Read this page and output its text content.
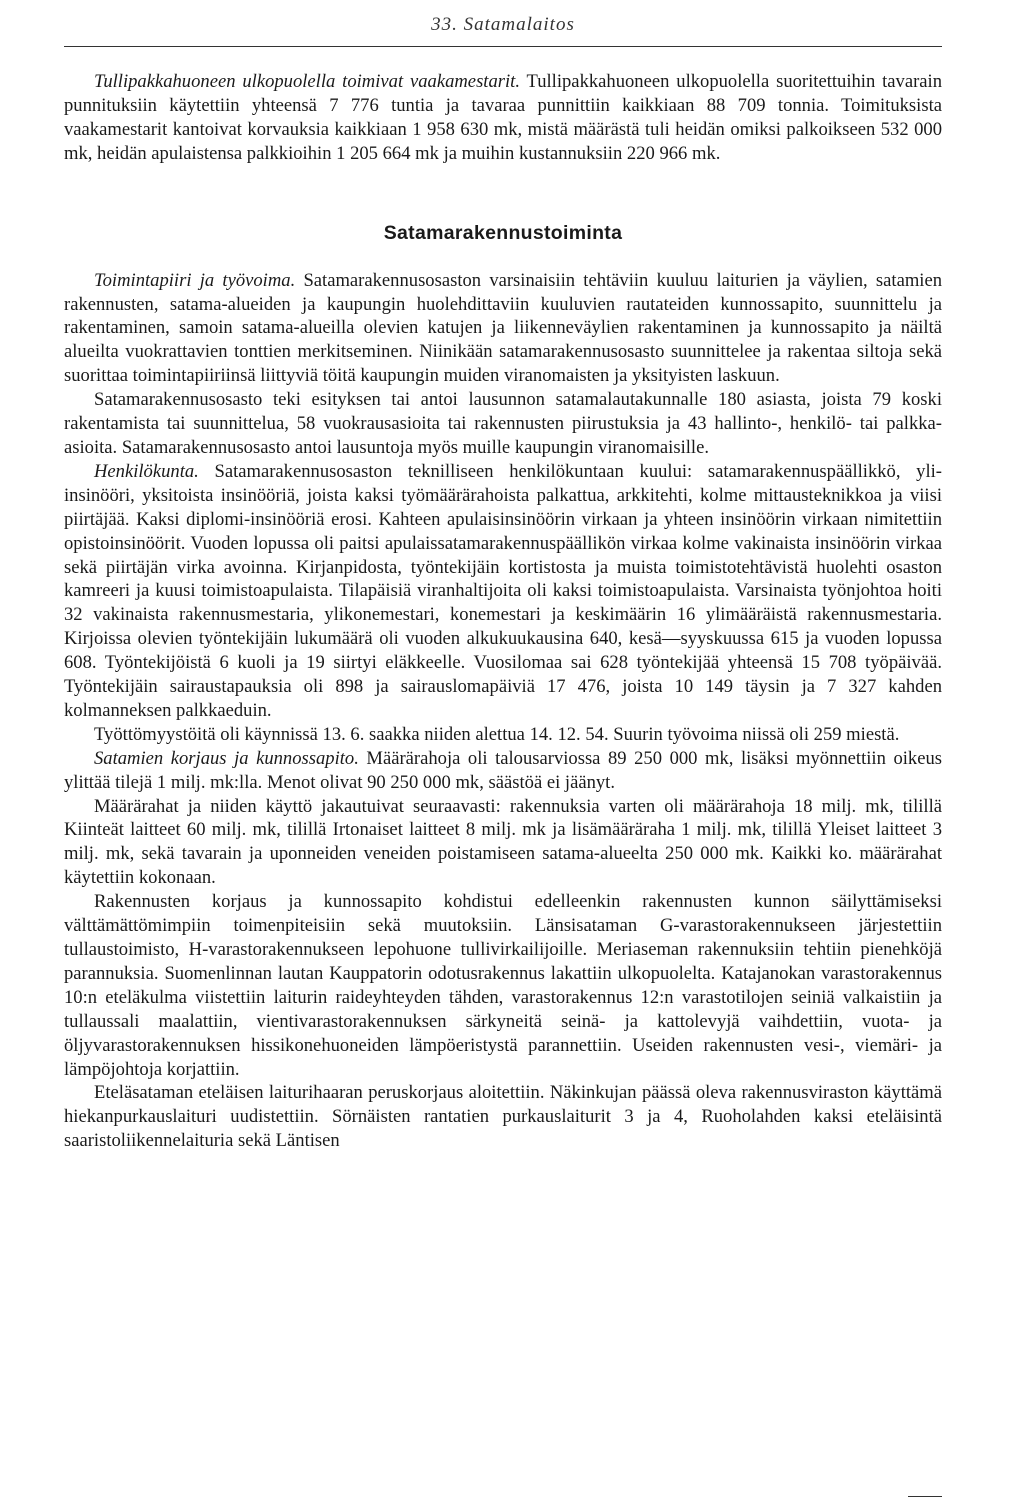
33. Satamalaitos

Tullipakkahuoneen ulkopuolella toimivat vaakamestarit. Tullipakkahuoneen ulkopuolella suoritettuihin tavarain punnituksiin käytettiin yhteensä 7 776 tuntia ja tavaraa punnittiin kaikkiaan 88 709 tonnia. Toimituksista vaakamestarit kantoivat korvauksia kaikkiaan 1 958 630 mk, mistä määrästä tuli heidän omiksi palkoikseen 532 000 mk, heidän apulaistensa palkkioihin 1 205 664 mk ja muihin kustannuksiin 220 966 mk.

Satamarakennustoiminta

Toimintapiiri ja työvoima. Satamarakennusosaston varsinaisiin tehtäviin kuuluu laiturien ja väylien, satamien rakennusten, satama-alueiden ja kaupungin huolehdittaviin kuuluvien rautateiden kunnossapito, suunnittelu ja rakentaminen, samoin satama-alueilla olevien katujen ja liikenneväylien rakentaminen ja kunnossapito ja näiltä alueilta vuokrattavien tonttien merkitseminen. Niinikään satamarakennusosasto suunnittelee ja rakentaa siltoja sekä suorittaa toimintapiiriinsä liittyviä töitä kaupungin muiden viranomaisten ja yksityisten laskuun.

Satamarakennusosasto teki esityksen tai antoi lausunnon satamalautakunnalle 180 asiasta, joista 79 koski rakentamista tai suunnittelua, 58 vuokrausasioita tai rakennusten piirustuksia ja 43 hallinto-, henkilö- tai palkka-asioita. Satamarakennusosasto antoi lausuntoja myös muille kaupungin viranomaisille.

Henkilökunta. Satamarakennusosaston teknilliseen henkilökuntaan kuului: satamarakennuspäällikkö, yli-insinööri, yksitoista insinööriä, joista kaksi työmäärärahoista palkattua, arkkitehti, kolme mittausteknikkoa ja viisi piirtäjää. Kaksi diplomi-insinööriä erosi. Kahteen apulaisinsinöörin virkaan ja yhteen insinöörin virkaan nimitettiin opistoinsinöörit. Vuoden lopussa oli paitsi apulaissatamarakennuspäällikön virkaa kolme vakinaista insinöörin virkaa sekä piirtäjän virka avoinna. Kirjanpidosta, työntekijäin kortistosta ja muista toimistotehtävistä huolehti osaston kamreeri ja kuusi toimistoapulaista. Tilapäisiä viranhaltijoita oli kaksi toimistoapulaista. Varsinaista työnjohtoa hoiti 32 vakinaista rakennusmestaria, ylikonemestari, konemestari ja keskimäärin 16 ylimääräistä rakennusmestaria. Kirjoissa olevien työntekijäin lukumäärä oli vuoden alkukuukausina 640, kesä—syyskuussa 615 ja vuoden lopussa 608. Työntekijöistä 6 kuoli ja 19 siirtyi eläkkeelle. Vuosilomaa sai 628 työntekijää yhteensä 15 708 työpäivää. Työntekijäin sairaustapauksia oli 898 ja sairauslomapäiviä 17 476, joista 10 149 täysin ja 7 327 kahden kolmanneksen palkkaeduin.

Työttömyystöitä oli käynnissä 13. 6. saakka niiden alettua 14. 12. 54. Suurin työvoima niissä oli 259 miestä.

Satamien korjaus ja kunnossapito. Määrärahoja oli talousarviossa 89 250 000 mk, lisäksi myönnettiin oikeus ylittää tilejä 1 milj. mk:lla. Menot olivat 90 250 000 mk, säästöä ei jäänyt.

Määrärahat ja niiden käyttö jakautuivat seuraavasti: rakennuksia varten oli määrärahoja 18 milj. mk, tilillä Kiinteät laitteet 60 milj. mk, tilillä Irtonaiset laitteet 8 milj. mk ja lisämääräraha 1 milj. mk, tilillä Yleiset laitteet 3 milj. mk, sekä tavarain ja uponneiden veneiden poistamiseen satama-alueelta 250 000 mk. Kaikki ko. määrärahat käytettiin kokonaan.

Rakennusten korjaus ja kunnossapito kohdistui edelleenkin rakennusten kunnon säilyttämiseksi välttämättömimpiin toimenpiteisiin sekä muutoksiin. Länsisataman G-varastorakennukseen järjestettiin tullaustoimisto, H-varastorakennukseen lepohuone tullivirkailijoille. Meriaseman rakennuksiin tehtiin pienehköjä parannuksia. Suomenlinnan lautan Kauppatorin odotusrakennus lakattiin ulkopuolelta. Katajanokan varastorakennus 10:n eteläkulma viistettiin laiturin raideyhteyden tähden, varastorakennus 12:n varastotilojen seiniä valkaistiin ja tullaussali maalattiin, vientivarastorakennuksen särkyneitä seinä- ja kattolevyjä vaihdettiin, vuota- ja öljyvarastorakennuksen hissikonehuoneiden lämpöeristystä parannettiin. Useiden rakennusten vesi-, viemäri- ja lämpöjohtoja korjattiin.

Eteläsataman eteläisen laiturihaaran peruskorjaus aloitettiin. Näkinkujan päässä oleva rakennusviraston käyttämä hiekanpurkauslaituri uudistettiin. Sörnäisten rantatien purkauslaiturit 3 ja 4, Ruoholahden kaksi eteläisintä saaristoliikennelaituria sekä Läntisen
